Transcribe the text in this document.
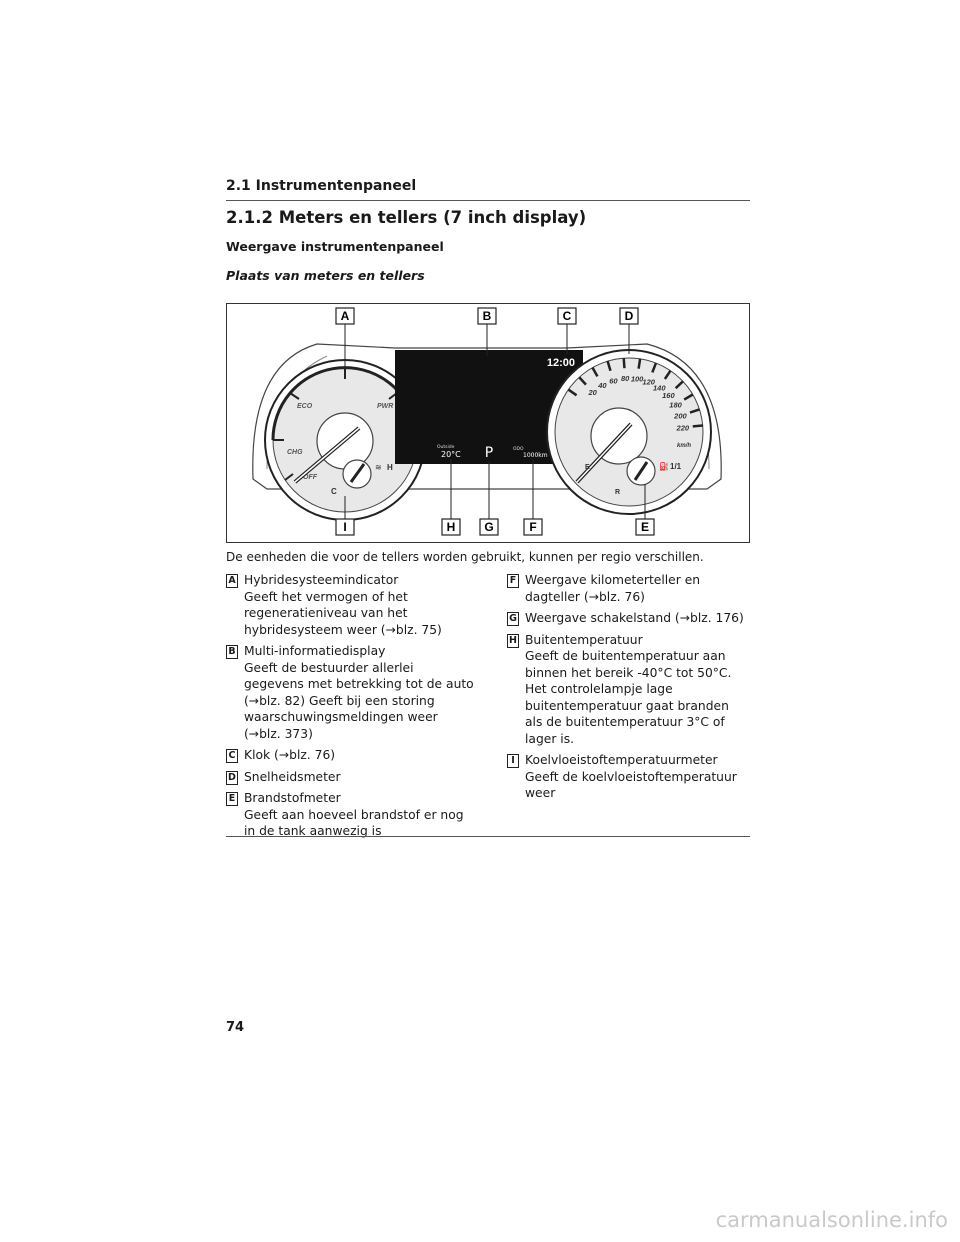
2.1 Instrumentenpaneel
2.1.2 Meters en tellers (7 inch display)
Weergave instrumentenpaneel
Plaats van meters en tellers
ECO	PWR
CHG
OFF
C
H
≋
12:00
Outside
20°C P	ODO
1000km
20
40
60 80 100 120
140
160
180
200
220
km/h
E	⛽ 1/1
R
A	B	C	D
I	H G	F	E
De eenheden die voor de tellers worden gebruikt, kunnen per regio verschillen.
A Hybridesysteemindicator
Geeft het vermogen of het regeneratieniveau van het hybridesysteem weer (→blz. 75)
B Multi-informatiedisplay
Geeft de bestuurder allerlei gegevens met betrekking tot de auto (→blz. 82) Geeft bij een storing waarschuwingsmeldingen weer (→blz. 373)
C Klok (→blz. 76)
D Snelheidsmeter
E Brandstofmeter
Geeft aan hoeveel brandstof er nog in de tank aanwezig is
F Weergave kilometerteller en dagteller (→blz. 76)
G Weergave schakelstand (→blz. 176)
H Buitentemperatuur
Geeft de buitentemperatuur aan binnen het bereik -40°C tot 50°C. Het controlelampje lage buitentemperatuur gaat branden als de buitentemperatuur 3°C of lager is.
I Koelvloeistoftemperatuurmeter
Geeft de koelvloeistoftemperatuur weer
74
carmanualsonline.info
